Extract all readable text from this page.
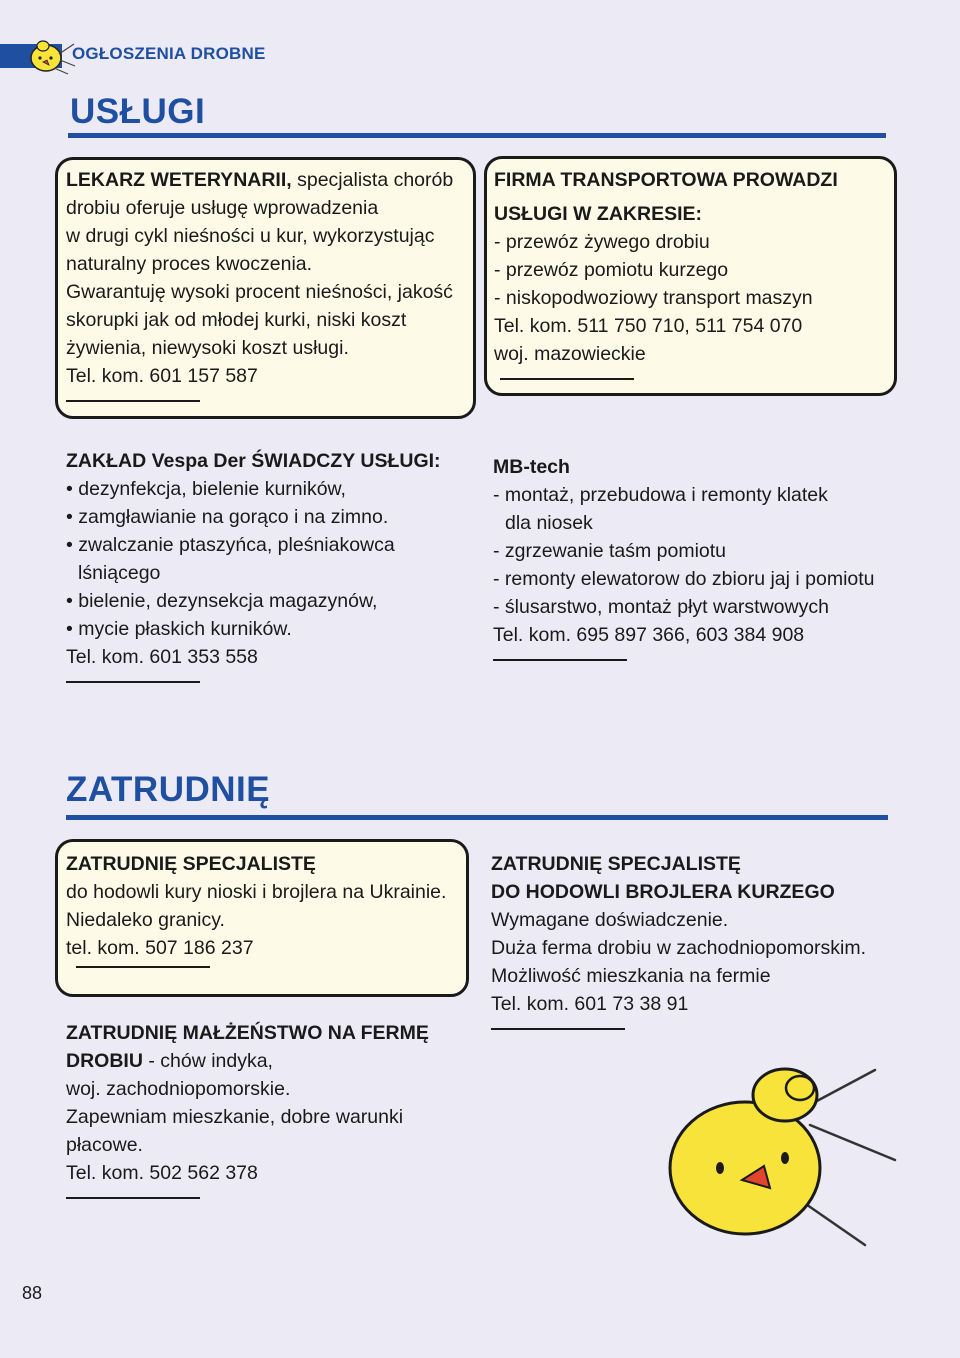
OGŁOSZENIA DROBNE
USŁUGI
LEKARZ WETERYNARII, specjalista chorób
drobiu oferuje usługę wprowadzenia
w drugi cykl nieśności u kur, wykorzystując
naturalny proces kwoczenia.
Gwarantuję wysoki procent nieśności, jakość
skorupki jak od młodej kurki, niski koszt
żywienia, niewysoki koszt usługi.
Tel. kom. 601 157 587
FIRMA TRANSPORTOWA PROWADZI
USŁUGI W ZAKRESIE:
- przewóz żywego drobiu
- przewóz pomiotu kurzego
- niskopodwoziowy transport maszyn
Tel. kom. 511 750 710, 511 754 070
woj. mazowieckie
ZAKŁAD Vespa Der ŚWIADCZY USŁUGI:
• dezynfekcja, bielenie kurników,
• zamgławianie na gorąco i na zimno.
• zwalczanie ptaszyńca, pleśniakowca
lśniącego
• bielenie, dezynsekcja magazynów,
• mycie płaskich kurników.
Tel. kom. 601 353 558
MB-tech
- montaż, przebudowa i remonty klatek
dla niosek
- zgrzewanie taśm pomiotu
- remonty elewatorow do zbioru jaj i pomiotu
- ślusarstwo, montaż płyt warstwowych
Tel. kom. 695 897 366, 603 384 908
ZATRUDNIĘ
ZATRUDNIĘ SPECJALISTĘ
do hodowli kury nioski i brojlera na Ukrainie.
Niedaleko granicy.
tel. kom. 507 186 237
ZATRUDNIĘ SPECJALISTĘ
DO HODOWLI BROJLERA KURZEGO
Wymagane doświadczenie.
Duża ferma drobiu w zachodniopomorskim.
Możliwość mieszkania na fermie
Tel. kom. 601 73 38 91
ZATRUDNIĘ MAŁŻEŃSTWO NA FERMĘ
DROBIU - chów indyka,
woj. zachodniopomorskie.
Zapewniam mieszkanie, dobre warunki
płacowe.
Tel. kom. 502 562 378
88
